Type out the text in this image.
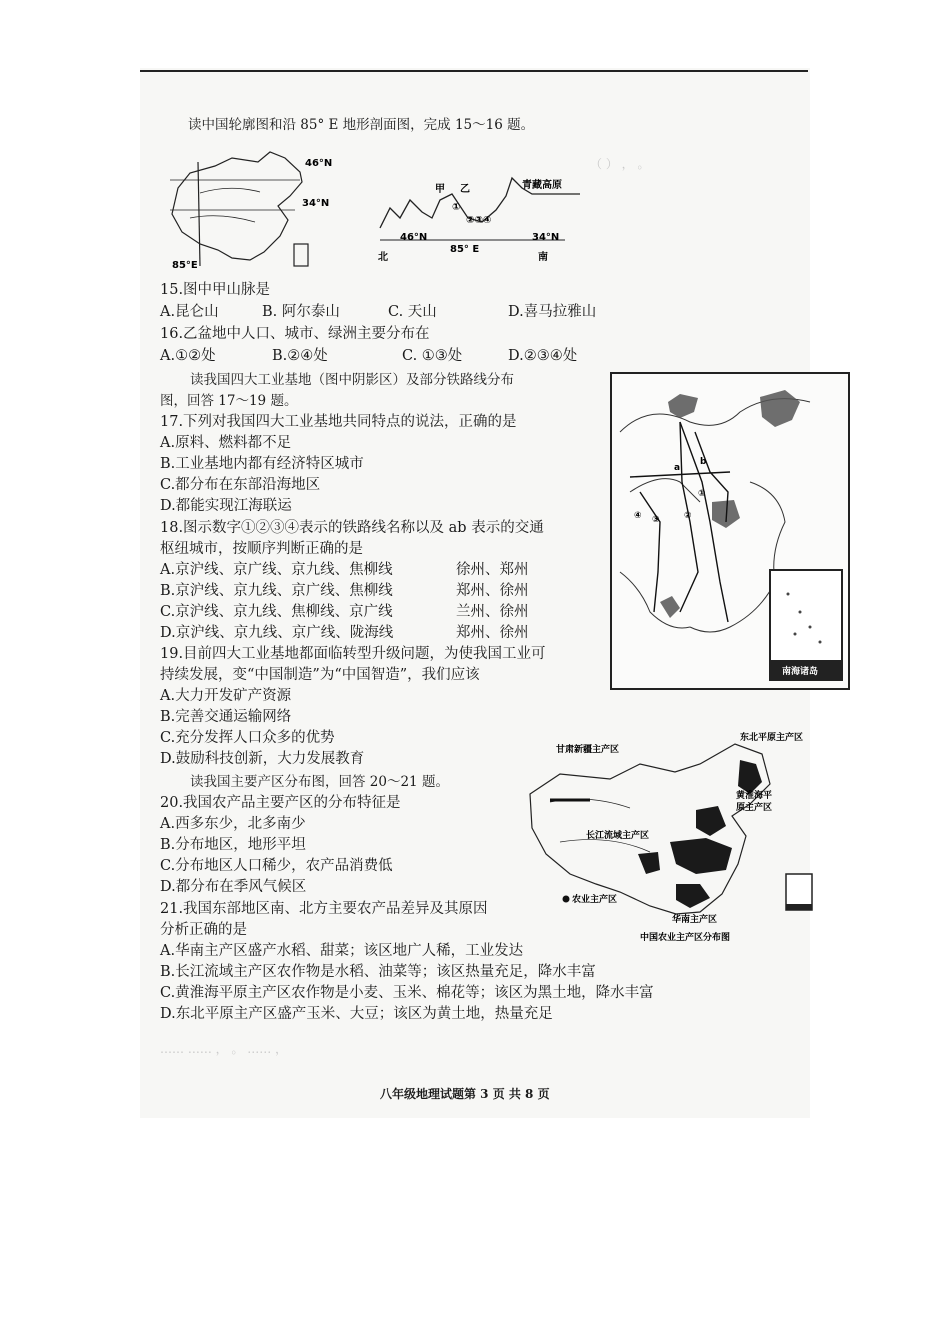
（ ） ， 。
…… …… ， 。 …… ，
读中国轮廓图和沿 85° E 地形剖面图，完成 15～16 题。
46°N
34°N
85°E
甲 乙	青藏高原
①
②③④
46°N
85° E
34°N
北	南
15.图中甲山脉是
A.昆仑山	B. 阿尔泰山	C. 天山	D.喜马拉雅山
16.乙盆地中人口、城市、绿洲主要分布在
A.①②处	B.②④处	C. ①③处	D.②③④处
读我国四大工业基地（图中阴影区）及部分铁路线分布
图，回答 17～19 题。
①
②
③
④
a
b
南海诸岛
17.下列对我国四大工业基地共同特点的说法，正确的是
A.原料、燃料都不足
B.工业基地内都有经济特区城市
C.都分布在东部沿海地区
D.都能实现江海联运
18.图示数字①②③④表示的铁路线名称以及 ab 表示的交通
枢纽城市，按顺序判断正确的是
A.京沪线、京广线、京九线、焦柳线	徐州、郑州
B.京沪线、京九线、京广线、焦柳线	郑州、徐州
C.京沪线、京九线、焦柳线、京广线	兰州、徐州
D.京沪线、京九线、京广线、陇海线	郑州、徐州
19.目前四大工业基地都面临转型升级问题，为使我国工业可
持续发展，变“中国制造”为“中国智造”，我们应该
A.大力开发矿产资源
B.完善交通运输网络
C.充分发挥人口众多的优势
D.鼓励科技创新，大力发展教育
读我国主要产区分布图，回答 20～21 题。
甘肃新疆主产区
东北平原主产区
黄淮海平
原主产区
长江流域主产区
华南主产区
农业主产区
中国农业主产区分布图
20.我国农产品主要产区的分布特征是
A.西多东少，北多南少
B.分布地区，地形平坦
C.分布地区人口稀少，农产品消费低
D.都分布在季风气候区
21.我国东部地区南、北方主要农产品差异及其原因
分析正确的是
A.华南主产区盛产水稻、甜菜；该区地广人稀，工业发达
B.长江流域主产区农作物是水稻、油菜等；该区热量充足，降水丰富
C.黄淮海平原主产区农作物是小麦、玉米、棉花等；该区为黑土地，降水丰富
D.东北平原主产区盛产玉米、大豆；该区为黄土地，热量充足
八年级地理试题第 3 页 共 8 页
